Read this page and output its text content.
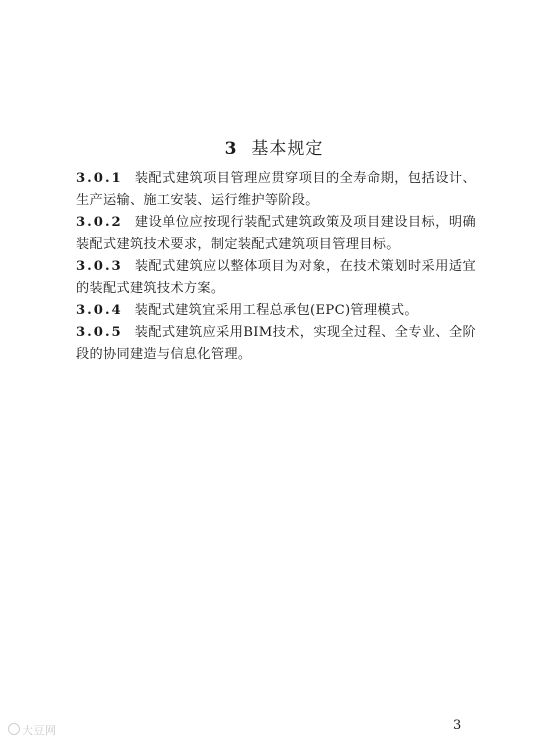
3 基本规定

3.0.1 装配式建筑项目管理应贯穿项目的全寿命期，包括设计、生产运输、施工安装、运行维护等阶段。

3.0.2 建设单位应按现行装配式建筑政策及项目建设目标，明确装配式建筑技术要求，制定装配式建筑项目管理目标。

3.0.3 装配式建筑应以整体项目为对象，在技术策划时采用适宜的装配式建筑技术方案。

3.0.4 装配式建筑宜采用工程总承包(EPC)管理模式。

3.0.5 装配式建筑应采用BIM技术，实现全过程、全专业、全阶段的协同建造与信息化管理。

3
大豆网
